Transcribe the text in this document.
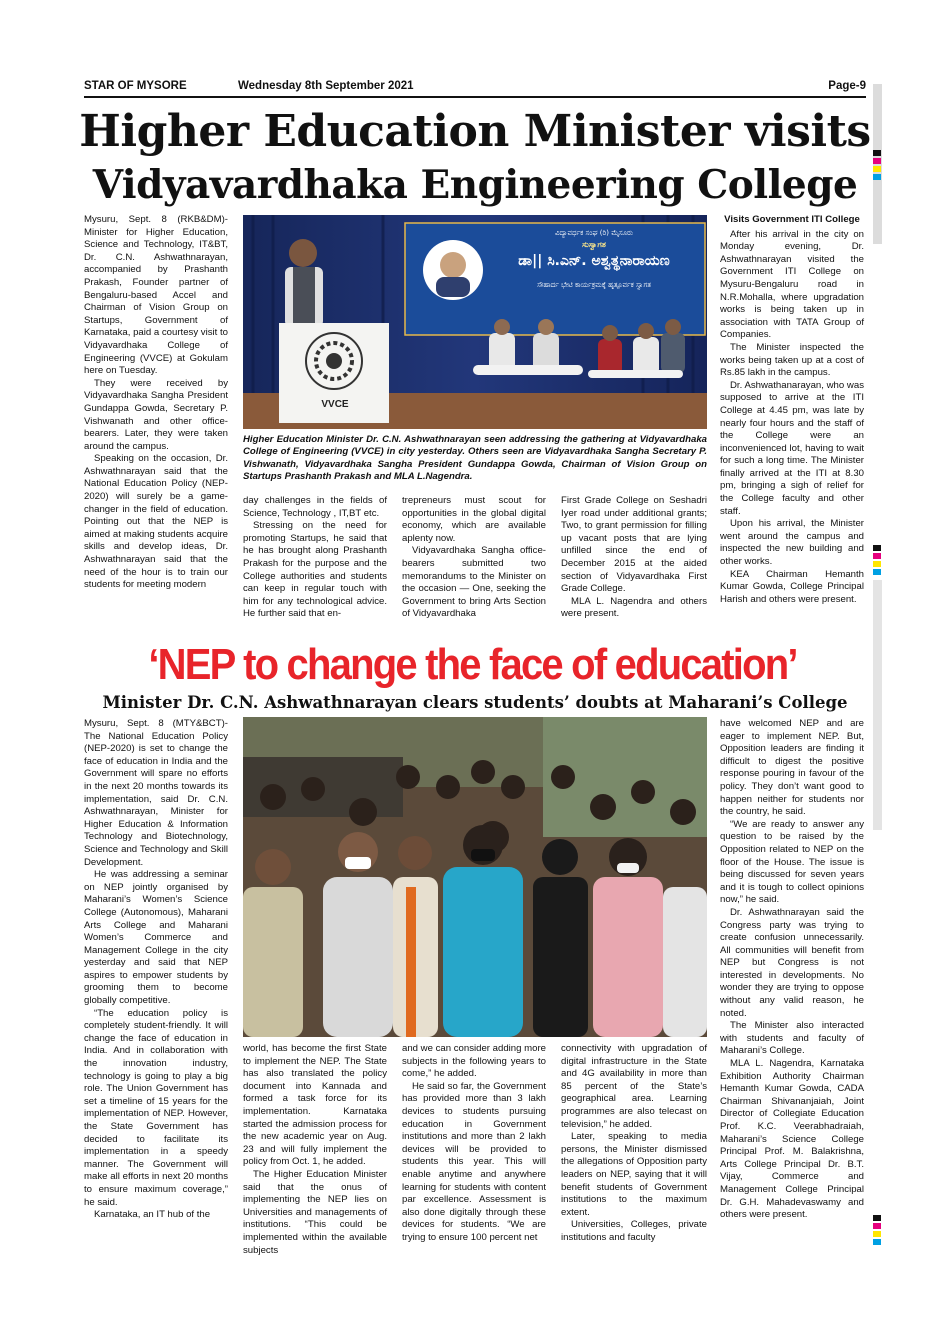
STAR OF MYSORE	Wednesday 8th September 2021	Page-9
Higher Education Minister visits
Vidyavardhaka Engineering College

Mysuru, Sept. 8 (RKB&DM)- Minister for Higher Education, Science and Technology, IT&BT, Dr. C.N. Ashwathnarayan, accompanied by Prashanth Prakash, Founder partner of Bengaluru-based Accel and Chairman of Vision Group on Startups, Government of Karnataka, paid a courtesy visit to Vidyavardhaka College of Engineering (VVCE) at Gokulam here on Tuesday.

They were received by Vidyavardhaka Sangha President Gundappa Gowda, Secretary P. Vishwanath and other office-bearers. Later, they were taken around the campus.

Speaking on the occasion, Dr. Ashwathnarayan said that the National Education Policy (NEP-2020) will surely be a game-changer in the field of education. Pointing out that the NEP is aimed at making students acquire skills and develop ideas, Dr. Ashwathnarayan said that the need of the hour is to train our students for meeting modern

VVCE
ವಿದ್ಯಾವರ್ಧಕ ಸಂಘ (ರಿ) ಮೈಸೂರು
ಸುಸ್ವಾಗತ
ಡಾ|| ಸಿ.ಎನ್. ಅಶ್ವತ್ಥನಾರಾಯಣ
ಸೌಹಾರ್ದ ಭೇಟಿ ಕಾರ್ಯಕ್ರಮಕ್ಕೆ ಹೃತ್ಪೂರ್ವಕ ಸ್ವಾಗತ
Higher Education Minister Dr. C.N. Ashwathnarayan seen addressing the gathering at Vidyavardhaka College of Engineering (VVCE) in city yesterday. Others seen are Vidyavardhaka Sangha Secretary P. Vishwanath, Vidyavardhaka Sangha President Gundappa Gowda, Chairman of Vision Group on Startups Prashanth Prakash and MLA L.Nagendra.

day challenges in the fields of Science, Technology , IT,BT etc.

Stressing on the need for promoting Startups, he said that he has brought along Prashanth Prakash for the purpose and the College authorities and students can keep in regular touch with him for any technological advice. He further said that en-

trepreneurs must scout for opportunities in the global digital economy, which are available aplenty now.

Vidyavardhaka Sangha office-bearers submitted two memorandums to the Minister on the occasion — One, seeking the Government to bring Arts Section of Vidyavardhaka

First Grade College on Seshadri Iyer road under additional grants; Two, to grant permission for filling up vacant posts that are lying unfilled since the end of December 2015 at the aided section of Vidyavardhaka First Grade College.

MLA L. Nagendra and others were present.

Visits Government ITI College

After his arrival in the city on Monday evening, Dr. Ashwathnarayan visited the Government ITI College on Mysuru-Bengaluru road in N.R.Mohalla, where upgradation works is being taken up in association with TATA Group of Companies.

The Minister inspected the works being taken up at a cost of Rs.85 lakh in the campus.

Dr. Ashwathanarayan, who was supposed to arrive at the ITI College at 4.45 pm, was late by nearly four hours and the staff of the College were an inconvenienced lot, having to wait for such a long time. The Minister finally arrived at the ITI at 8.30 pm, bringing a sigh of relief for the College faculty and other staff.

Upon his arrival, the Minister went around the campus and inspected the new building and other works.

KEA Chairman Hemanth Kumar Gowda, College Principal Harish and others were present.

‘NEP to change the face of education’
Minister Dr. C.N. Ashwathnarayan clears students’ doubts at Maharani’s College

Mysuru, Sept. 8 (MTY&BCT)- The National Education Policy (NEP-2020) is set to change the face of education in India and the Government will spare no efforts in the next 20 months towards its implementation, said Dr. C.N. Ashwathnarayan, Minister for Higher Education & Information Technology and Biotechnology, Science and Technology and Skill Development.

He was addressing a seminar on NEP jointly organised by Maharani’s Women’s Science College (Autonomous), Maharani Arts College and Maharani Women’s Commerce and Management College in the city yesterday and said that NEP aspires to empower students by grooming them to become globally competitive.

“The education policy is completely student-friendly. It will change the face of education in India. And in collaboration with the innovation industry, technology is going to play a big role. The Union Government has set a timeline of 15 years for the implementation of NEP. However, the State Government has decided to facilitate its implementation in a speedy manner. The Government will make all efforts in next 20 months to ensure maximum coverage,” he said.

Karnataka, an IT hub of the

world, has become the first State to implement the NEP. The State has also translated the policy document into Kannada and formed a task force for its implementation. Karnataka started the admission process for the new academic year on Aug. 23 and will fully implement the policy from Oct. 1, he added.

The Higher Education Minister said that the onus of implementing the NEP lies on Universities and managements of institutions. “This could be implemented within the available subjects

and we can consider adding more subjects in the following years to come,” he added.

He said so far, the Government has provided more than 3 lakh devices to students pursuing education in Government institutions and more than 2 lakh devices will be provided to students this year. This will enable anytime and anywhere learning for students with content par excellence. Assessment is also done digitally through these devices for students. “We are trying to ensure 100 percent net

connectivity with upgradation of digital infrastructure in the State and 4G availability in more than 85 percent of the State’s geographical area. Learning programmes are also telecast on television,” he added.

Later, speaking to media persons, the Minister dismissed the allegations of Opposition party leaders on NEP, saying that it will benefit students of Government institutions to the maximum extent.

Universities, Colleges, private institutions and faculty

have welcomed NEP and are eager to implement NEP. But, Opposition leaders are finding it difficult to digest the positive response pouring in favour of the policy. They don’t want good to happen neither for students nor the country, he said.

“We are ready to answer any question to be raised by the Opposition related to NEP on the floor of the House. The issue is being discussed for seven years and it is tough to collect opinions now,” he said.

Dr. Ashwathnarayan said the Congress party was trying to create confusion unnecessarily. All communities will benefit from NEP but Congress is not interested in developments. No wonder they are trying to oppose without any valid reason, he noted.

The Minister also interacted with students and faculty of Maharani’s College.

MLA L. Nagendra, Karnataka Exhibition Authority Chairman Hemanth Kumar Gowda, CADA Chairman Shivananjaiah, Joint Director of Collegiate Education Prof. K.C. Veerabhadraiah, Maharani’s Science College Principal Prof. M. Balakrishna, Arts College Principal Dr. B.T. Vijay, Commerce and Management College Principal Dr. G.H. Mahadevaswamy and others were present.
